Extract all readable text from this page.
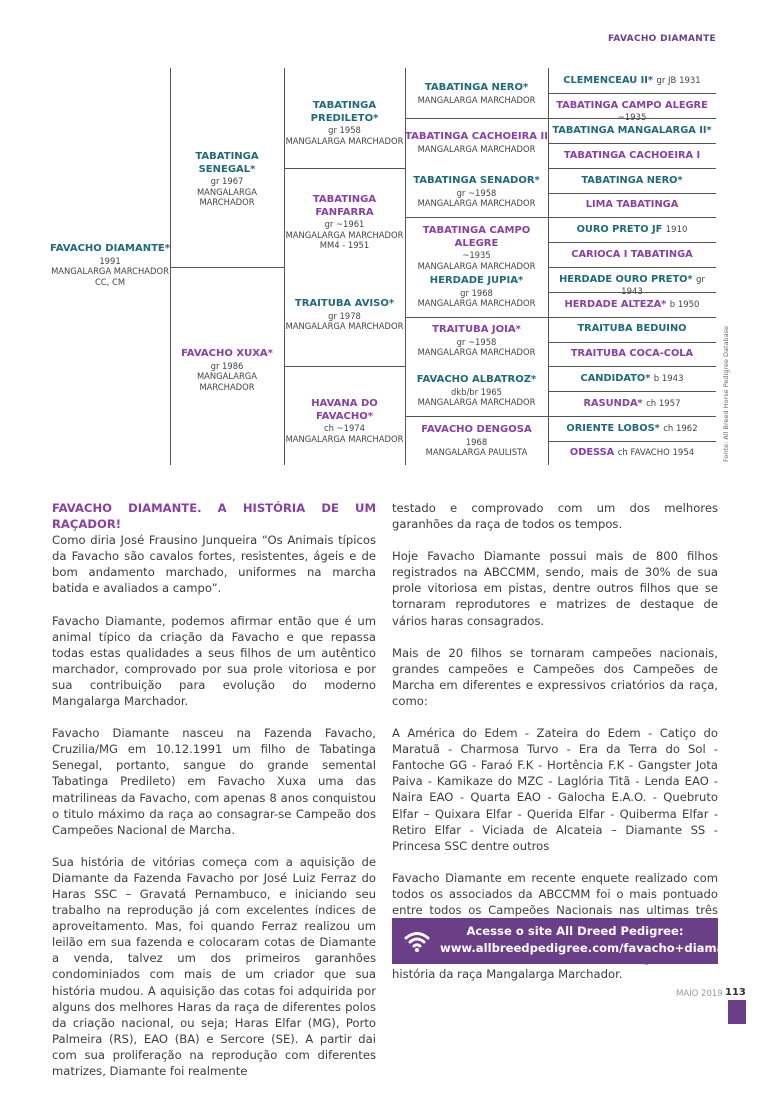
FAVACHO DIAMANTE
FAVACHO DIAMANTE*
1991
MANGALARGA MARCHADOR
CC, CM
TABATINGA SENEGAL*
gr 1967
MANGALARGA MARCHADOR
FAVACHO XUXA*
gr 1986
MANGALARGA MARCHADOR
TABATINGA PREDILETO*
gr 1958
MANGALARGA MARCHADOR
TABATINGA FANFARRA
gr ~1961
MANGALARGA MARCHADOR
MM4 - 1951
TRAITUBA AVISO*
gr 1978
MANGALARGA MARCHADOR
HAVANA DO FAVACHO*
ch ~1974
MANGALARGA MARCHADOR
TABATINGA NERO*
MANGALARGA MARCHADOR
TABATINGA CACHOEIRA II
MANGALARGA MARCHADOR
TABATINGA SENADOR*
gr ~1958
MANGALARGA MARCHADOR
TABATINGA CAMPO ALEGRE
~1935
MANGALARGA MARCHADOR
HERDADE JUPIA*
gr 1968
MANGALARGA MARCHADOR
TRAITUBA JOIA*
gr ~1958
MANGALARGA MARCHADOR
FAVACHO ALBATROZ*
dkb/br 1965
MANGALARGA MARCHADOR
FAVACHO DENGOSA
1968
MANGALARGA PAULISTA
CLEMENCEAU II* gr JB 1931
TABATINGA CAMPO ALEGRE ~1935
TABATINGA MANGALARGA II*
TABATINGA CACHOEIRA I
TABATINGA NERO*
LIMA TABATINGA
OURO PRETO JF 1910
CARIOCA I TABATINGA
HERDADE OURO PRETO* gr 1943
HERDADE ALTEZA* b 1950
TRAITUBA BEDUINO
TRAITUBA COCA-COLA
CANDIDATO* b 1943
RASUNDA* ch 1957
ORIENTE LOBOS* ch 1962
ODESSA ch FAVACHO 1954	Fonte: All Breed Horse Pedigree Database

FAVACHO DIAMANTE. A HISTÓRIA DE UM RAÇADOR!
Como diria José Frausino Junqueira “Os Animais típicos da Favacho são cavalos fortes, resistentes, ágeis e de bom andamento marchado, uniformes na marcha batida e avaliados a campo”.

Favacho Diamante, podemos afirmar então que é um animal típico da criação da Favacho e que repassa todas estas qualidades a seus filhos de um autêntico marchador, comprovado por sua prole vitoriosa e por sua contribuição para evolução do moderno Mangalarga Marchador.

Favacho Diamante nasceu na Fazenda Favacho, Cruzilia/MG em 10.12.1991 um filho de Tabatinga Senegal, portanto, sangue do grande semental Tabatinga Predileto) em Favacho Xuxa uma das matrilineas da Favacho, com apenas 8 anos conquistou o titulo máximo da raça ao consagrar-se Campeão dos Campeões Nacional de Marcha.

Sua história de vitórias começa com a aquisição de Diamante da Fazenda Favacho por José Luiz Ferraz do Haras SSC – Gravatá Pernambuco, e iniciando seu trabalho na reprodução já com excelentes índices de aproveitamento. Mas, foi quando Ferraz realizou um leilão em sua fazenda e colocaram cotas de Diamante a venda, talvez um dos primeiros garanhões condominiados com mais de um criador que sua história mudou. A aquisição das cotas foi adquirida por alguns dos melhores Haras da raça de diferentes polos da criação nacional, ou seja; Haras Elfar (MG), Porto Palmeira (RS), EAO (BA) e Sercore (SE). A partir dai com sua proliferação na reprodução com diferentes matrizes, Diamante foi realmente

testado e comprovado com um dos melhores garanhões da raça de todos os tempos.

Hoje Favacho Diamante possui mais de 800 filhos registrados na ABCCMM, sendo, mais de 30% de sua prole vitoriosa em pistas, dentre outros filhos que se tornaram reprodutores e matrizes de destaque de vários haras consagrados.

Mais de 20 filhos se tornaram campeões nacionais, grandes campeões e Campeões dos Campeões de Marcha em diferentes e expressivos criatórios da raça, como:

A América do Edem - Zateira do Edem - Catiço do Maratuã - Charmosa Turvo - Era da Terra do Sol - Fantoche GG - Faraó F.K - Hortência F.K - Gangster Jota Paiva - Kamikaze do MZC - Laglória Titã - Lenda EAO - Naira EAO - Quarta EAO - Galocha E.A.O. - Quebruto Elfar – Quixara Elfar - Querida Elfar - Quiberma Elfar - Retiro Elfar - Viciada de Alcateia – Diamante SS - Princesa SSC dentre outros

Favacho Diamante em recente enquete realizado com todos os associados da ABCCMM foi o mais pontuado entre todos os Campeões Nacionais nas ultimas três

história da raça Mangalarga Marchador.

Acesse o site All Dreed Pedigree:
www.allbreedpedigree.com/favacho+diamante
MAIO 2019 113
